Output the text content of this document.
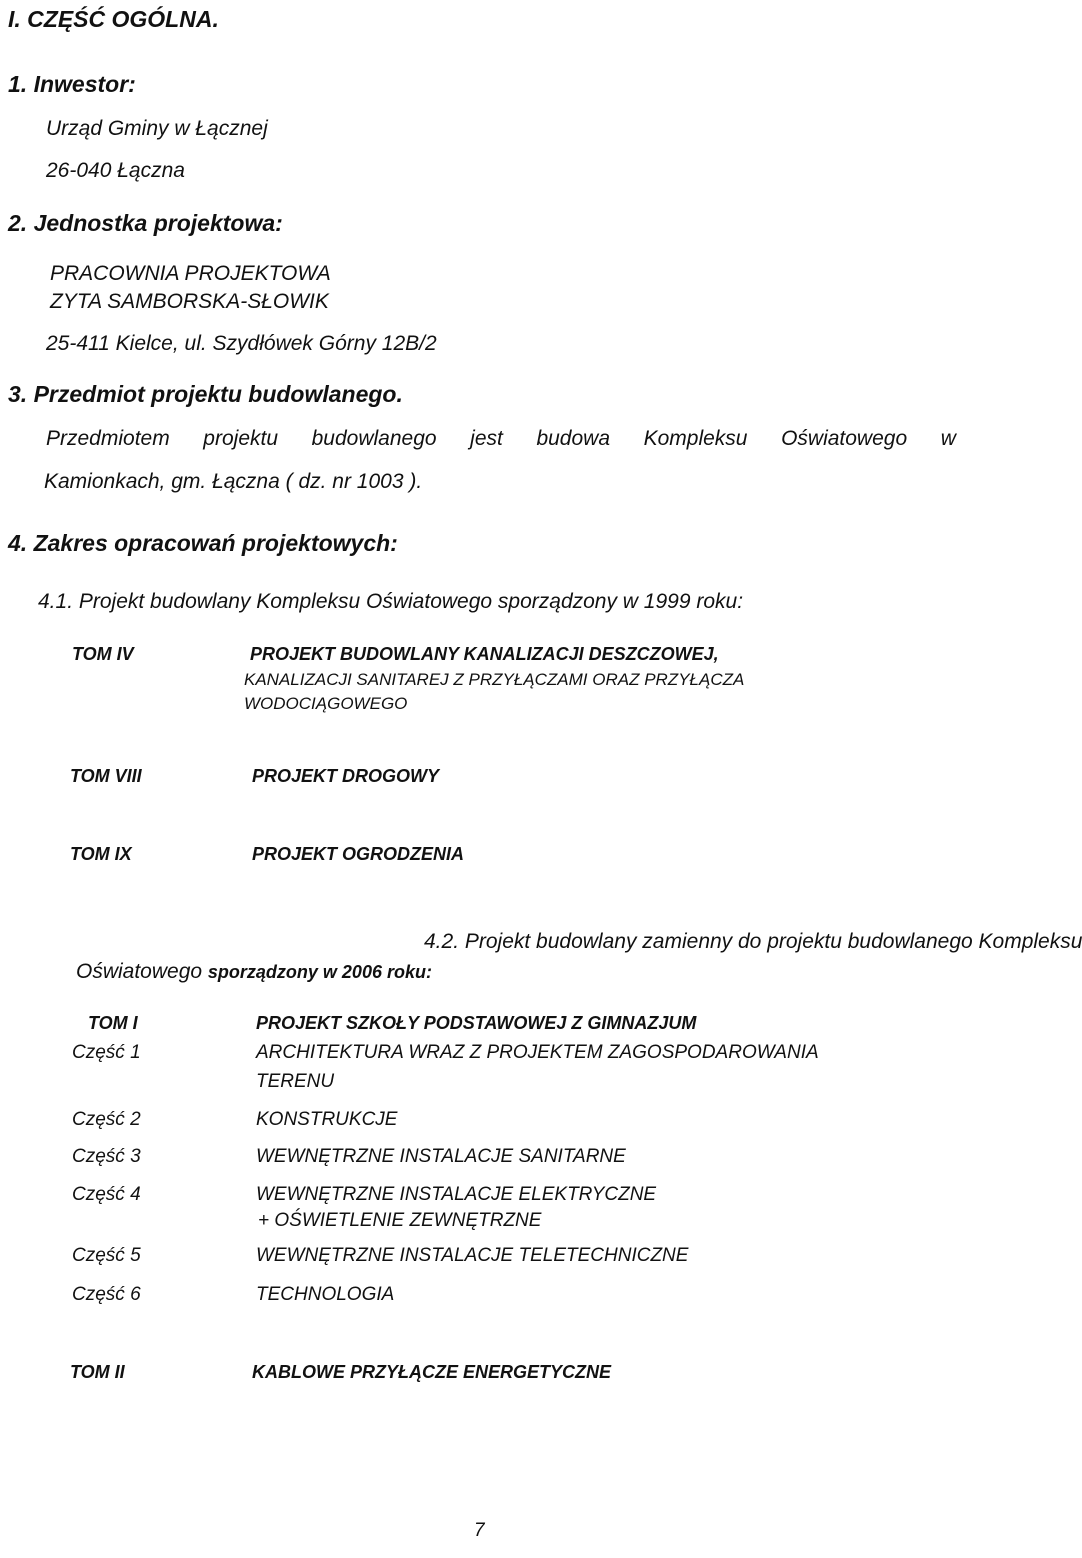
I. CZĘŚĆ OGÓLNA.
1. Inwestor:
Urząd Gminy w Łącznej
26-040 Łączna
2. Jednostka projektowa:
PRACOWNIA PROJEKTOWA
ZYTA SAMBORSKA-SŁOWIK
25-411 Kielce, ul. Szydłówek Górny 12B/2
3. Przedmiot projektu budowlanego.
Przedmiotem projektu budowlanego jest budowa Kompleksu Oświatowego w
Kamionkach, gm. Łączna ( dz. nr 1003 ).
4. Zakres opracowań projektowych:
4.1. Projekt budowlany Kompleksu Oświatowego sporządzony w 1999 roku:
TOM IV	PROJEKT BUDOWLANY KANALIZACJI DESZCZOWEJ,
KANALIZACJI SANITAREJ Z PRZYŁĄCZAMI ORAZ PRZYŁĄCZA
WODOCIĄGOWEGO
TOM VIII	PROJEKT DROGOWY
TOM IX	PROJEKT OGRODZENIA
4.2. Projekt budowlany zamienny do projektu budowlanego Kompleksu
Oświatowego sporządzony w 2006 roku:
TOM I	PROJEKT SZKOŁY PODSTAWOWEJ Z GIMNAZJUM
Część 1	ARCHITEKTURA WRAZ Z PROJEKTEM ZAGOSPODAROWANIA
TERENU
Część 2	KONSTRUKCJE
Część 3	WEWNĘTRZNE INSTALACJE SANITARNE
Część 4	WEWNĘTRZNE INSTALACJE ELEKTRYCZNE
+ OŚWIETLENIE ZEWNĘTRZNE
Część 5	WEWNĘTRZNE INSTALACJE TELETECHNICZNE
Część 6	TECHNOLOGIA
TOM II	KABLOWE PRZYŁĄCZE ENERGETYCZNE
7
